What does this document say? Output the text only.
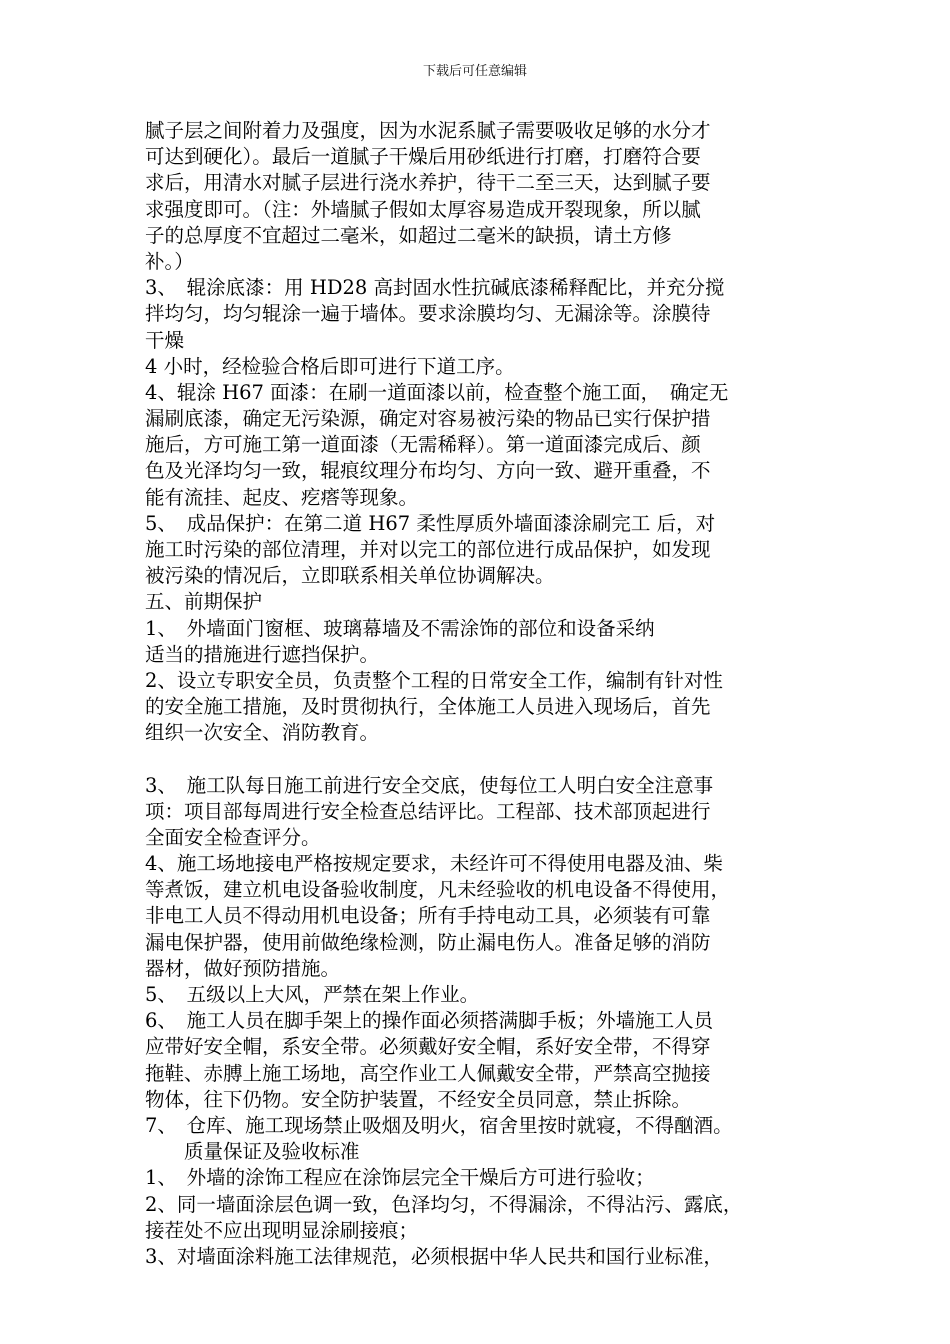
下载后可任意编辑
腻子层之间附着力及强度，因为水泥系腻子需要吸收足够的水分才
可达到硬化）。最后一道腻子干燥后用砂纸进行打磨，打磨符合要
求后，用清水对腻子层进行浇水养护，待干二至三天，达到腻子要
求强度即可。（注：外墙腻子假如太厚容易造成开裂现象，所以腻
子的总厚度不宜超过二毫米，如超过二毫米的缺损，请土方修
补。）
3、　辊涂底漆：用 HD28 高封固水性抗碱底漆稀释配比，并充分搅
拌均匀，均匀辊涂一遍于墙体。要求涂膜均匀、无漏涂等。涂膜待
干燥
4 小时，经检验合格后即可进行下道工序。
4、辊涂 H67 面漆：在刷一道面漆以前，检查整个施工面，　确定无
漏刷底漆，确定无污染源，确定对容易被污染的物品已实行保护措
施后，方可施工第一道面漆（无需稀释）。第一道面漆完成后、颜
色及光泽均匀一致，辊痕纹理分布均匀、方向一致、避开重叠，不
能有流挂、起皮、疙瘩等现象。
5、　成品保护：在第二道 H67 柔性厚质外墙面漆涂刷完工 后，对
施工时污染的部位清理，并对以完工的部位进行成品保护，如发现
被污染的情况后，立即联系相关单位协调解决。
五、前期保护
1、　外墙面门窗框、玻璃幕墙及不需涂饰的部位和设备采纳
适当的措施进行遮挡保护。
2、设立专职安全员，负责整个工程的日常安全工作，编制有针对性
的安全施工措施，及时贯彻执行，全体施工人员进入现场后，首先
组织一次安全、消防教育。
3、　施工队每日施工前进行安全交底，使每位工人明白安全注意事
项：项目部每周进行安全检查总结评比。工程部、技术部顶起进行
全面安全检查评分。
4、施工场地接电严格按规定要求，未经许可不得使用电器及油、柴
等煮饭，建立机电设备验收制度，凡未经验收的机电设备不得使用，
非电工人员不得动用机电设备；所有手持电动工具，必须装有可靠
漏电保护器，使用前做绝缘检测，防止漏电伤人。准备足够的消防
器材，做好预防措施。
5、　五级以上大风，严禁在架上作业。
6、　施工人员在脚手架上的操作面必须搭满脚手板；外墙施工人员
应带好安全帽，系安全带。必须戴好安全帽，系好安全带，不得穿
拖鞋、赤膊上施工场地，高空作业工人佩戴安全带，严禁高空抛接
物体，往下仍物。安全防护装置，不经安全员同意，禁止拆除。
7、　仓库、施工现场禁止吸烟及明火，宿舍里按时就寝，不得酗酒。
　　质量保证及验收标准
1、　外墙的涂饰工程应在涂饰层完全干燥后方可进行验收；
2、同一墙面涂层色调一致，色泽均匀，不得漏涂，不得沾污、露底，
接茬处不应出现明显涂刷接痕；
3、对墙面涂料施工法律规范，必须根据中华人民共和国行业标准，
